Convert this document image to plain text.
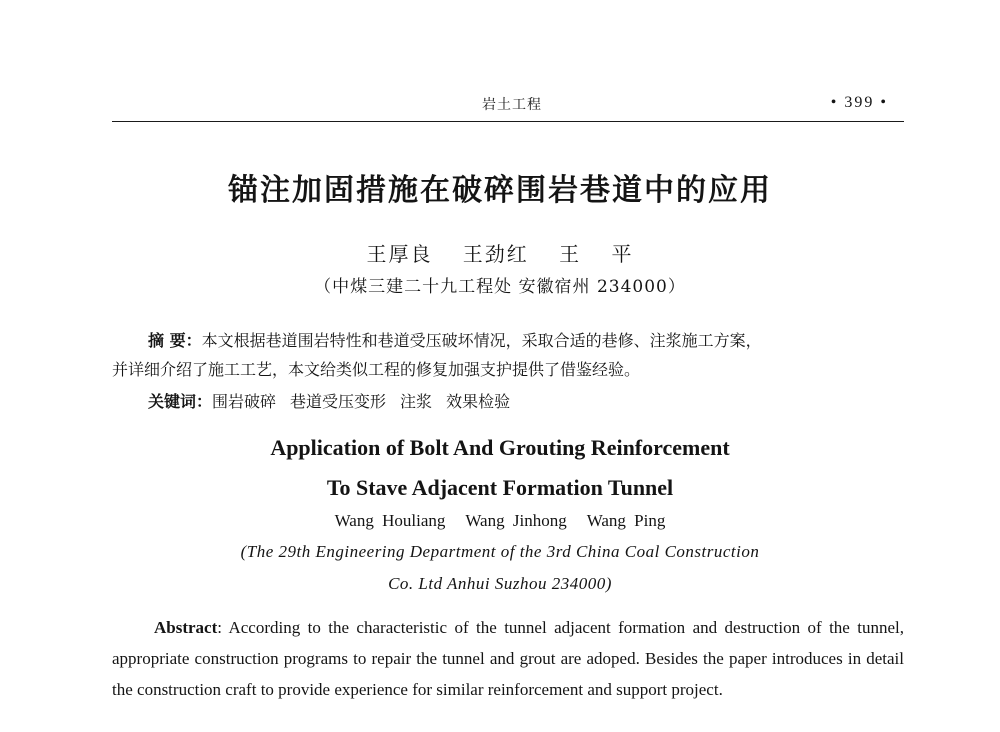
岩土工程	• 399 •
锚注加固措施在破碎围岩巷道中的应用
王厚良 王劲红 王 平
（中煤三建二十九工程处 安徽宿州 234000）

摘 要：本文根据巷道围岩特性和巷道受压破坏情况，采取合适的巷修、注浆施工方案，

并详细介绍了施工工艺，本文给类似工程的修复加强支护提供了借鉴经验。

关键词：围岩破碎 巷道受压变形 注浆 效果检验
Application of Bolt And Grouting Reinforcement
To Stave Adjacent Formation Tunnel
Wang Houliang Wang Jinhong Wang Ping
(The 29th Engineering Department of the 3rd China Coal Construction
Co. Ltd Anhui Suzhou 234000)

Abstract: According to the characteristic of the tunnel adjacent formation and destruction of the tunnel, appropriate construction programs to repair the tunnel and grout are adoped. Besides the paper introduces in detail the construction craft to provide experience for similar reinforcement and support project.
